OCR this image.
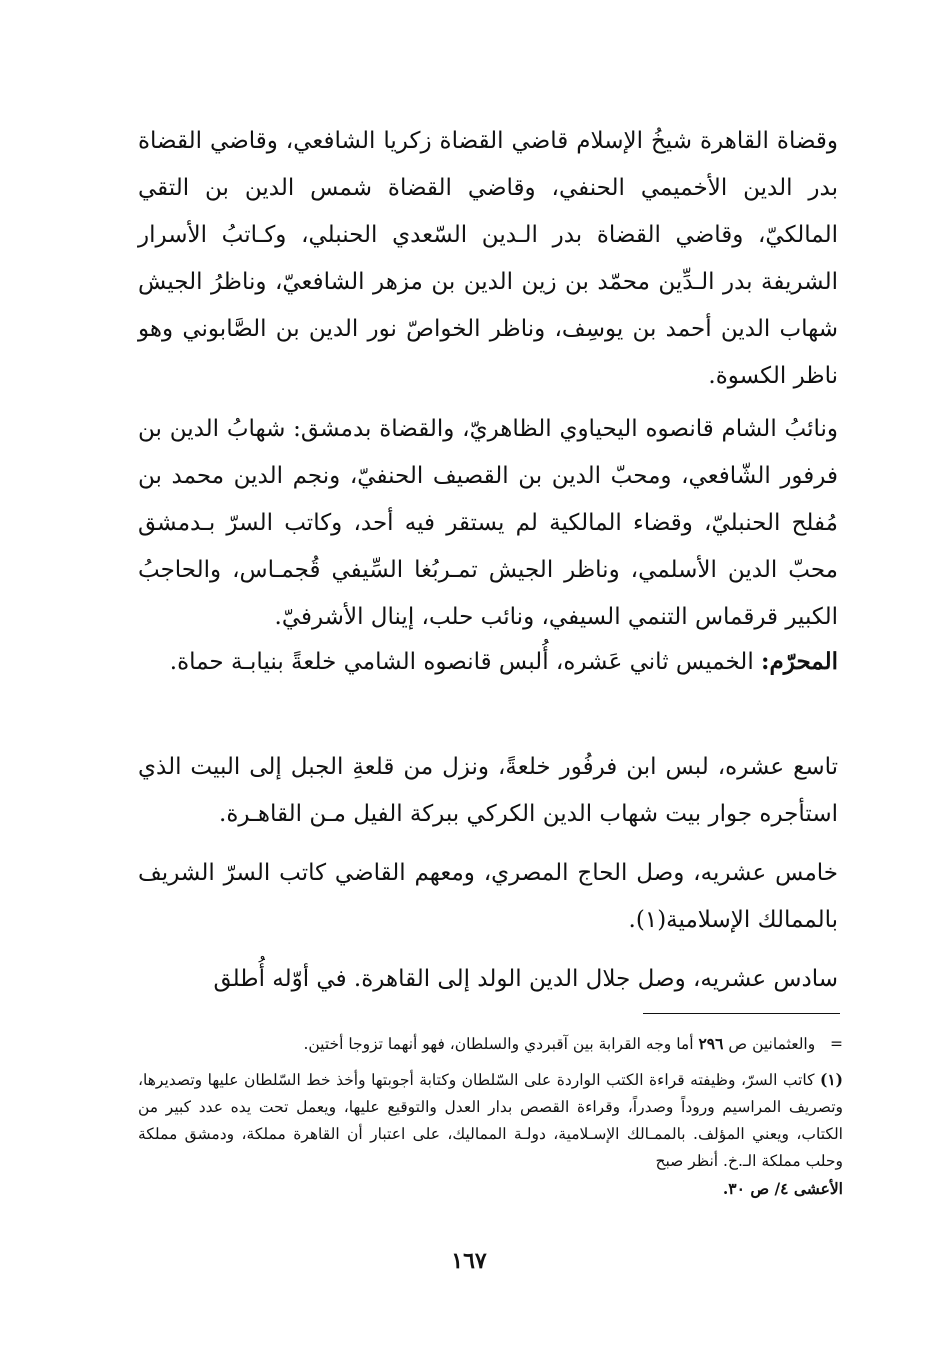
وقضاة القاهرة شيخُ الإسلام قاضي القضاة زكريا الشافعي، وقاضي القضاة بدر الدين الأخميمي الحنفي، وقاضي القضاة شمس الدين بن التقي المالكيّ، وقاضي القضاة بدر الـدين السّعدي الحنبلي، وكـاتبُ الأسرار الشريفة بدر الـدِّين محمّد بن زين الدين بن مزهر الشافعيّ، وناظرُ الجيش شهاب الدين أحمد بن يوسِف، وناظر الخواصّ نور الدين بن الصَّابوني وهو ناظر الكسوة.

ونائبُ الشام قانصوه اليحياوي الظاهريّ، والقضاة بدمشق: شهابُ الدين بن فرفور الشّافعي، ومحبّ الدين بن القصيف الحنفيّ، ونجم الدين محمد بن مُفلح الحنبليّ، وقضاء المالكية لم يستقر فيه أحد، وكاتب السرّ بـدمشق محبّ الدين الأسلمي، وناظر الجيش تمـربُغا السِّيفي قُجمـاس، والحاجبُ الكبير قرقماس التنمي السيفي، ونائب حلب، إينال الأشرفيّ.

المحرّم: الخميس ثاني عَشره، أُلبس قانصوه الشامي خلعةً بنيابـة حماة.

تاسع عشره، لبس ابن فرفُور خلعةً، ونزل من قلعةِ الجبل إلى البيت الذي استأجره جوار بيت شهاب الدين الكركي ببركة الفيل مـن القاهـرة.

خامس عشريه، وصل الحاج المصري، ومعهم القاضي كاتب السرّ الشريف بالممالك الإسلامية(١).

سادس عشريه، وصل جلال الدين الولد إلى القاهرة. في أوّله أُطلق

=   والعثمانين ص ٢٩٦ أما وجه القرابة بين آقبردي والسلطان، فهو أنهما تزوجا أختين.

(١) كاتب السرّ، وظيفته قراءة الكتب الواردة على السّلطان وكتابة أجوبتها وأخذ خط السّلطان عليها وتصديرها، وتصريف المراسيم وروداً وصدراً، وقراءة القصص بدار العدل والتوقيع عليها، ويعمل تحت يده عدد كبير من الكتاب، ويعني المؤلف. بالممـالك الإسـلامية، دولـة المماليك، على اعتبار أن القاهرة مملكة، ودمشق مملكة وحلب مملكة الـ.خ. أنظر صبح
الأعشى ٤/ ص ٣٠.

١٦٧
